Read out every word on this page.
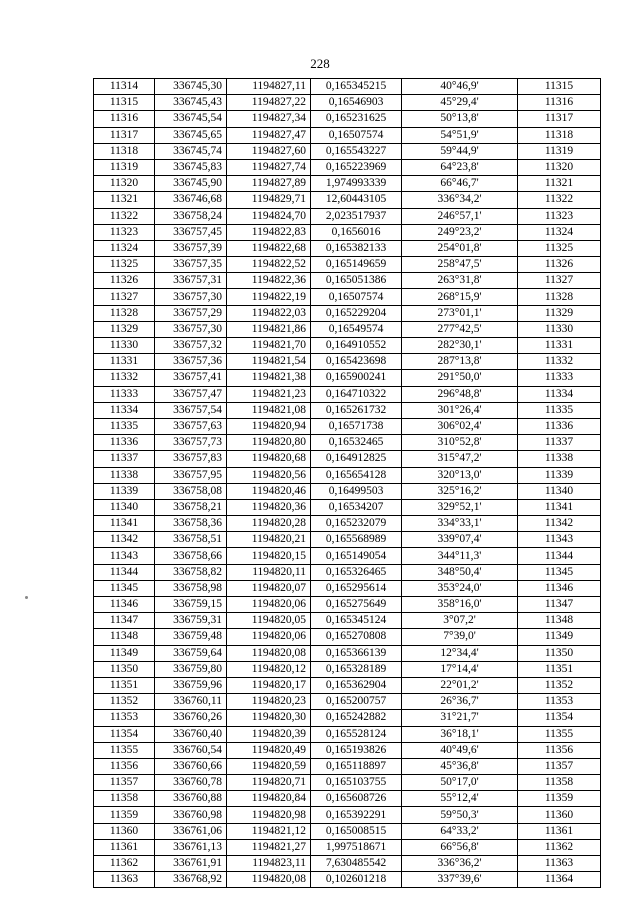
228
11314	336745,30	1194827,11	0,165345215	40°46,9'	11315
11315	336745,43	1194827,22	0,16546903	45°29,4'	11316
11316	336745,54	1194827,34	0,165231625	50°13,8'	11317
11317	336745,65	1194827,47	0,16507574	54°51,9'	11318
11318	336745,74	1194827,60	0,165543227	59°44,9'	11319
11319	336745,83	1194827,74	0,165223969	64°23,8'	11320
11320	336745,90	1194827,89	1,974993339	66°46,7'	11321
11321	336746,68	1194829,71	12,60443105	336°34,2'	11322
11322	336758,24	1194824,70	2,023517937	246°57,1'	11323
11323	336757,45	1194822,83	0,1656016	249°23,2'	11324
11324	336757,39	1194822,68	0,165382133	254°01,8'	11325
11325	336757,35	1194822,52	0,165149659	258°47,5'	11326
11326	336757,31	1194822,36	0,165051386	263°31,8'	11327
11327	336757,30	1194822,19	0,16507574	268°15,9'	11328
11328	336757,29	1194822,03	0,165229204	273°01,1'	11329
11329	336757,30	1194821,86	0,16549574	277°42,5'	11330
11330	336757,32	1194821,70	0,164910552	282°30,1'	11331
11331	336757,36	1194821,54	0,165423698	287°13,8'	11332
11332	336757,41	1194821,38	0,165900241	291°50,0'	11333
11333	336757,47	1194821,23	0,164710322	296°48,8'	11334
11334	336757,54	1194821,08	0,165261732	301°26,4'	11335
11335	336757,63	1194820,94	0,16571738	306°02,4'	11336
11336	336757,73	1194820,80	0,16532465	310°52,8'	11337
11337	336757,83	1194820,68	0,164912825	315°47,2'	11338
11338	336757,95	1194820,56	0,165654128	320°13,0'	11339
11339	336758,08	1194820,46	0,16499503	325°16,2'	11340
11340	336758,21	1194820,36	0,16534207	329°52,1'	11341
11341	336758,36	1194820,28	0,165232079	334°33,1'	11342
11342	336758,51	1194820,21	0,165568989	339°07,4'	11343
11343	336758,66	1194820,15	0,165149054	344°11,3'	11344
11344	336758,82	1194820,11	0,165326465	348°50,4'	11345
11345	336758,98	1194820,07	0,165295614	353°24,0'	11346
11346	336759,15	1194820,06	0,165275649	358°16,0'	11347
11347	336759,31	1194820,05	0,165345124	3°07,2'	11348
11348	336759,48	1194820,06	0,165270808	7°39,0'	11349
11349	336759,64	1194820,08	0,165366139	12°34,4'	11350
11350	336759,80	1194820,12	0,165328189	17°14,4'	11351
11351	336759,96	1194820,17	0,165362904	22°01,2'	11352
11352	336760,11	1194820,23	0,165200757	26°36,7'	11353
11353	336760,26	1194820,30	0,165242882	31°21,7'	11354
11354	336760,40	1194820,39	0,165528124	36°18,1'	11355
11355	336760,54	1194820,49	0,165193826	40°49,6'	11356
11356	336760,66	1194820,59	0,165118897	45°36,8'	11357
11357	336760,78	1194820,71	0,165103755	50°17,0'	11358
11358	336760,88	1194820,84	0,165608726	55°12,4'	11359
11359	336760,98	1194820,98	0,165392291	59°50,3'	11360
11360	336761,06	1194821,12	0,165008515	64°33,2'	11361
11361	336761,13	1194821,27	1,997518671	66°56,8'	11362
11362	336761,91	1194823,11	7,630485542	336°36,2'	11363
11363	336768,92	1194820,08	0,102601218	337°39,6'	11364
